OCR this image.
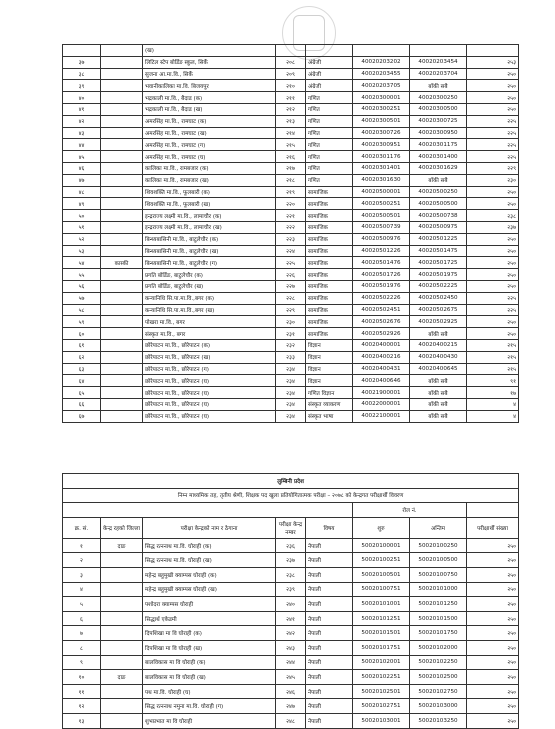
		(ख)					
३७		लिटिल स्टेप बोर्डिङ स्कुल, सिर्के	२०८	अंग्रेजी	40020203202	40020203454	२५३
३८		सुजना आ.मा.वि., सिर्के	२०९	अंग्रेजी	40020203455	40020203704	२५०
३९		भवानीकालिका मा.वि. बिजयपुर	२१०	अंग्रेजी	40020203705	बाँकी सबै	२५०
४०		भद्रकाली मा.वि., बैदाड (क)	२११	गणित	40020300001	40020300250	२५०
४१		भद्रकाली मा.वि., बैदाड (ख)	२१२	गणित	40020300251	40020300500	२५०
४२		अमरसिंह मा.वि., रामघाट (क)	२१३	गणित	40020300501	40020300725	२२५
४३		अमरसिंह मा.वि., रामघाट (ख)	२१४	गणित	40020300726	40020300950	२२५
४४		अमरसिंह मा.वि., रामघाट (ग)	२१५	गणित	40020300951	40020301175	२२५
४५		अमरसिंह मा.वि., रामघाट (घ)	२१६	गणित	40020301176	40020301400	२२५
४६		कालिका मा.वि., रामबजार (क)	२१७	गणित	40020301401	40020301629	२२९
४७		कालिका मा.वि., रामबजार (ख)	२१८	गणित	40020301630	बाँकी सबै	२३०
४८		शिवशक्ति मा.वि., फूलबारी (क)	२१९	सामाजिक	40020500001	40020500250	२५०
४९		शिवशक्ति मा.वि., फूलबारी (ख)	२२०	सामाजिक	40020500251	40020500500	२५०
५०		इन्द्रराज्य लक्ष्मी मा.वि., लामाचौर (क)	२२१	सामाजिक	40020500501	40020500738	२३८
५१		इन्द्रराज्य लक्ष्मी मा.वि., लामाचौर (ख)	२२२	सामाजिक	40020500739	40020500975	२३७
५२		बिन्ध्यबासिनी मा.वि., बाटुलेचौर (क)	२२३	सामाजिक	40020500976	40020501225	२५०
५३		बिन्ध्यबासिनी मा.वि., बाटुलेचौर (ख)	२२४	सामाजिक	40020501226	40020501475	२५०
५४	कास्की	बिन्ध्यबासिनी मा.वि., बाटुलेचौर (ग)	२२५	सामाजिक	40020501476	40020501725	२५०
५५		प्रगति बोर्डिङ, बाटुलेचौर (क)	२२६	सामाजिक	40020501726	40020501975	२५०
५६		प्रगति बोर्डिङ, बाटुलेचौर (ख)	२२७	सामाजिक	40020501976	40020502225	२५०
५७		कन्यानिधि सि.पा.मा.वि.,बगर (क)	२२८	सामाजिक	40020502226	40020502450	२२५
५८		कन्यानिधि सि.पा.मा.वि.,बगर (ख)	२२९	सामाजिक	40020502451	40020502675	२२५
५९		पोखरा मा.वि., बगर	२३०	सामाजिक	40020502676	40020502925	२५०
६०		संस्कृत मा.वि., बगर	२३१	सामाजिक	40020502926	बाँकी सबै	२५०
६१		छोरेपाटन मा.वि., छोरेपाटन (क)	२३२	विज्ञान	40020400001	40020400215	२१५
६२		छोरेपाटन मा.वि., छोरेपाटन (ख)	२३३	विज्ञान	40020400216	40020400430	२१५
६३		छोरेपाटन मा.वि., छोरेपाटन (ग)	२३४	विज्ञान	40020400431	40020400645	२१५
६४		छोरेपाटन मा.वि., छोरेपाटन (घ)	२३४	विज्ञान	40020400646	बाँकी सबै	९१
६५		छोरेपाटन मा.वि., छोरेपाटन (घ)	२३४	गणित विज्ञान	40021900001	बाँकी सबै	१७
६६		छोरेपाटन मा.वि., छोरेपाटन (घ)	२३४	संस्कृत व्याकरण	40022000001	बाँकी सबै	४
६७		छोरेपाटन मा.वि., छोरेपाटन (घ)	२३४	संस्कृत भाषा	40022100001	बाँकी सबै	४
लुम्बिनी प्रदेश							
निम्न माध्यमिक तह, तृतीय श्रेणी, शिक्षक पद खुला प्रतियोगितात्मक परीक्षा – २०७८ को केन्द्रगत परीक्षार्थी विवरण							
					रोल नं.		
क्र. सं.	केन्द्र रहको जिल्ला	परीक्षा केन्द्रको नाम र ठेगाना	परीक्षा केन्द्र नम्बर	विषय	शुरु	अन्तिम	परीक्षार्थी संख्या
१	दाङ	सिद्ध रत्ननाथ मा.वि. घोराही (क)	२३६	नेपाली	50020100001	50020100250	२५०
२		सिद्ध रत्ननाथ मा.वि. घोराही (ख)	२३७	नेपाली	50020100251	50020100500	२५०
३		महेन्द्र बहुमुखी क्याम्पस घोराही (क)	२३८	नेपाली	50020100501	50020100750	२५०
४		महेन्द्र बहुमुखी क्याम्पस घोराही (ख)	२३९	नेपाली	50020100751	50020101000	२५०
५		पशोदरा क्याम्पस घोराही	२४०	नेपाली	50020101001	50020101250	२५०
६		सिद्धार्थ एकेडमी	२४१	नेपाली	50020101251	50020101500	२५०
७		दिपशिखा मा वि घोराही (क)	२४२	नेपाली	50020101501	50020101750	२५०
८		दिपशिखा मा वि घोराही (ख)	२४३	नेपाली	50020101751	50020102000	२५०
९		बालविकास मा वि घोराही (क)	२४४	नेपाली	50020102001	50020102250	२५०
१०	दाङ	बालविकास मा वि घोराही (ख)	२४५	नेपाली	50020102251	50020102500	२५०
११		पथ मा.वि. घोराही (घ)	२४६	नेपाली	50020102501	50020102750	२५०
१२		सिद्ध रत्ननाथ नमुना मा.वि. घोराही (ग)	२४७	नेपाली	50020102751	50020103000	२५०
१३		शुभप्रभात मा वि घोराही	२४८	नेपाली	50020103001	50020103250	२५०
